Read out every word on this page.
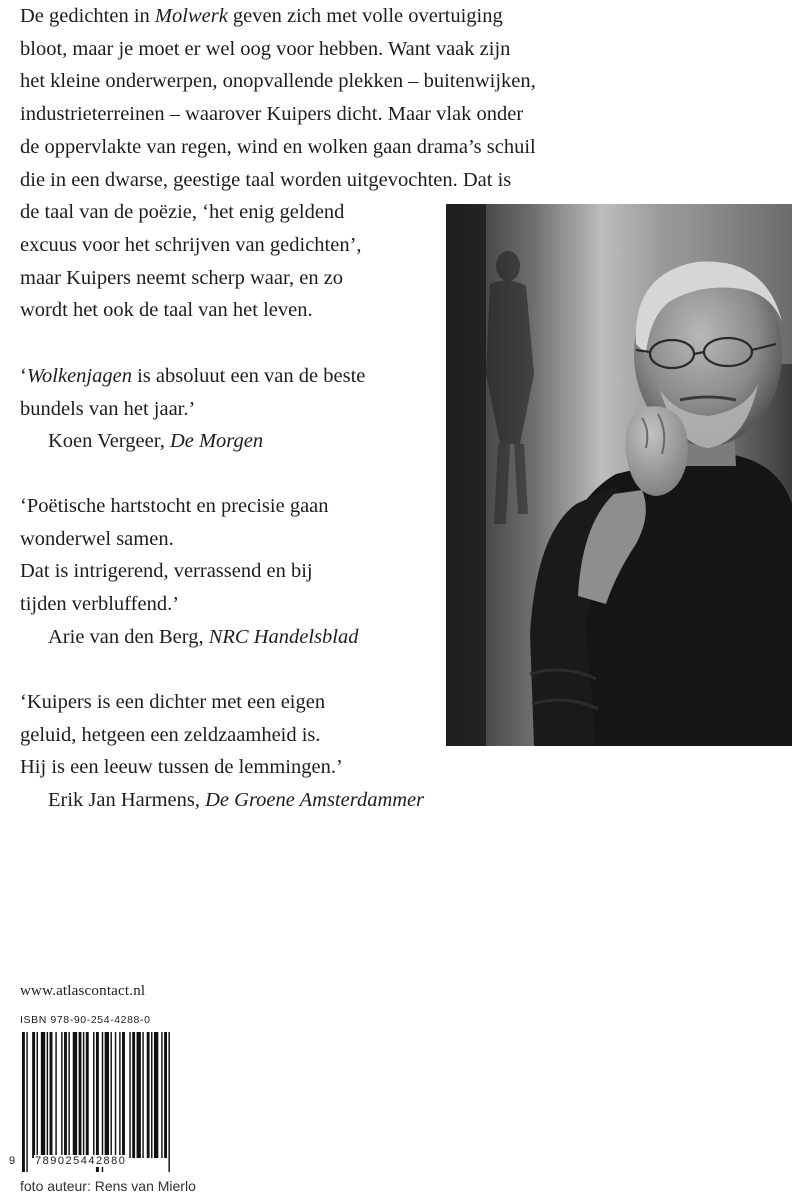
De gedichten in Molwerk geven zich met volle overtuiging
bloot, maar je moet er wel oog voor hebben. Want vaak zijn
het kleine onderwerpen, onopvallende plekken – buitenwijken,
industrieterreinen – waarover Kuipers dicht. Maar vlak onder
de oppervlakte van regen, wind en wolken gaan drama’s schuil
die in een dwarse, geestige taal worden uitgevochten. Dat is
de taal van de poëzie, ‘het enig geldend
excuus voor het schrijven van gedichten’,
maar Kuipers neemt scherp waar, en zo
wordt het ook de taal van het leven.
‘Wolkenjagen is absoluut een van de beste
bundels van het jaar.’
Koen Vergeer, De Morgen
‘Poëtische hartstocht en precisie gaan
wonderwel samen.
Dat is intrigerend, verrassend en bij
tijden verbluffend.’
Arie van den Berg, NRC Handelsblad
‘Kuipers is een dichter met een eigen
geluid, hetgeen een zeldzaamheid is.
Hij is een leeuw tussen de lemmingen.’
Erik Jan Harmens, De Groene Amsterdammer
www.atlascontact.nl
ISBN 978-90-254-4288-0
9 789025442880
foto auteur: Rens van Mierlo
